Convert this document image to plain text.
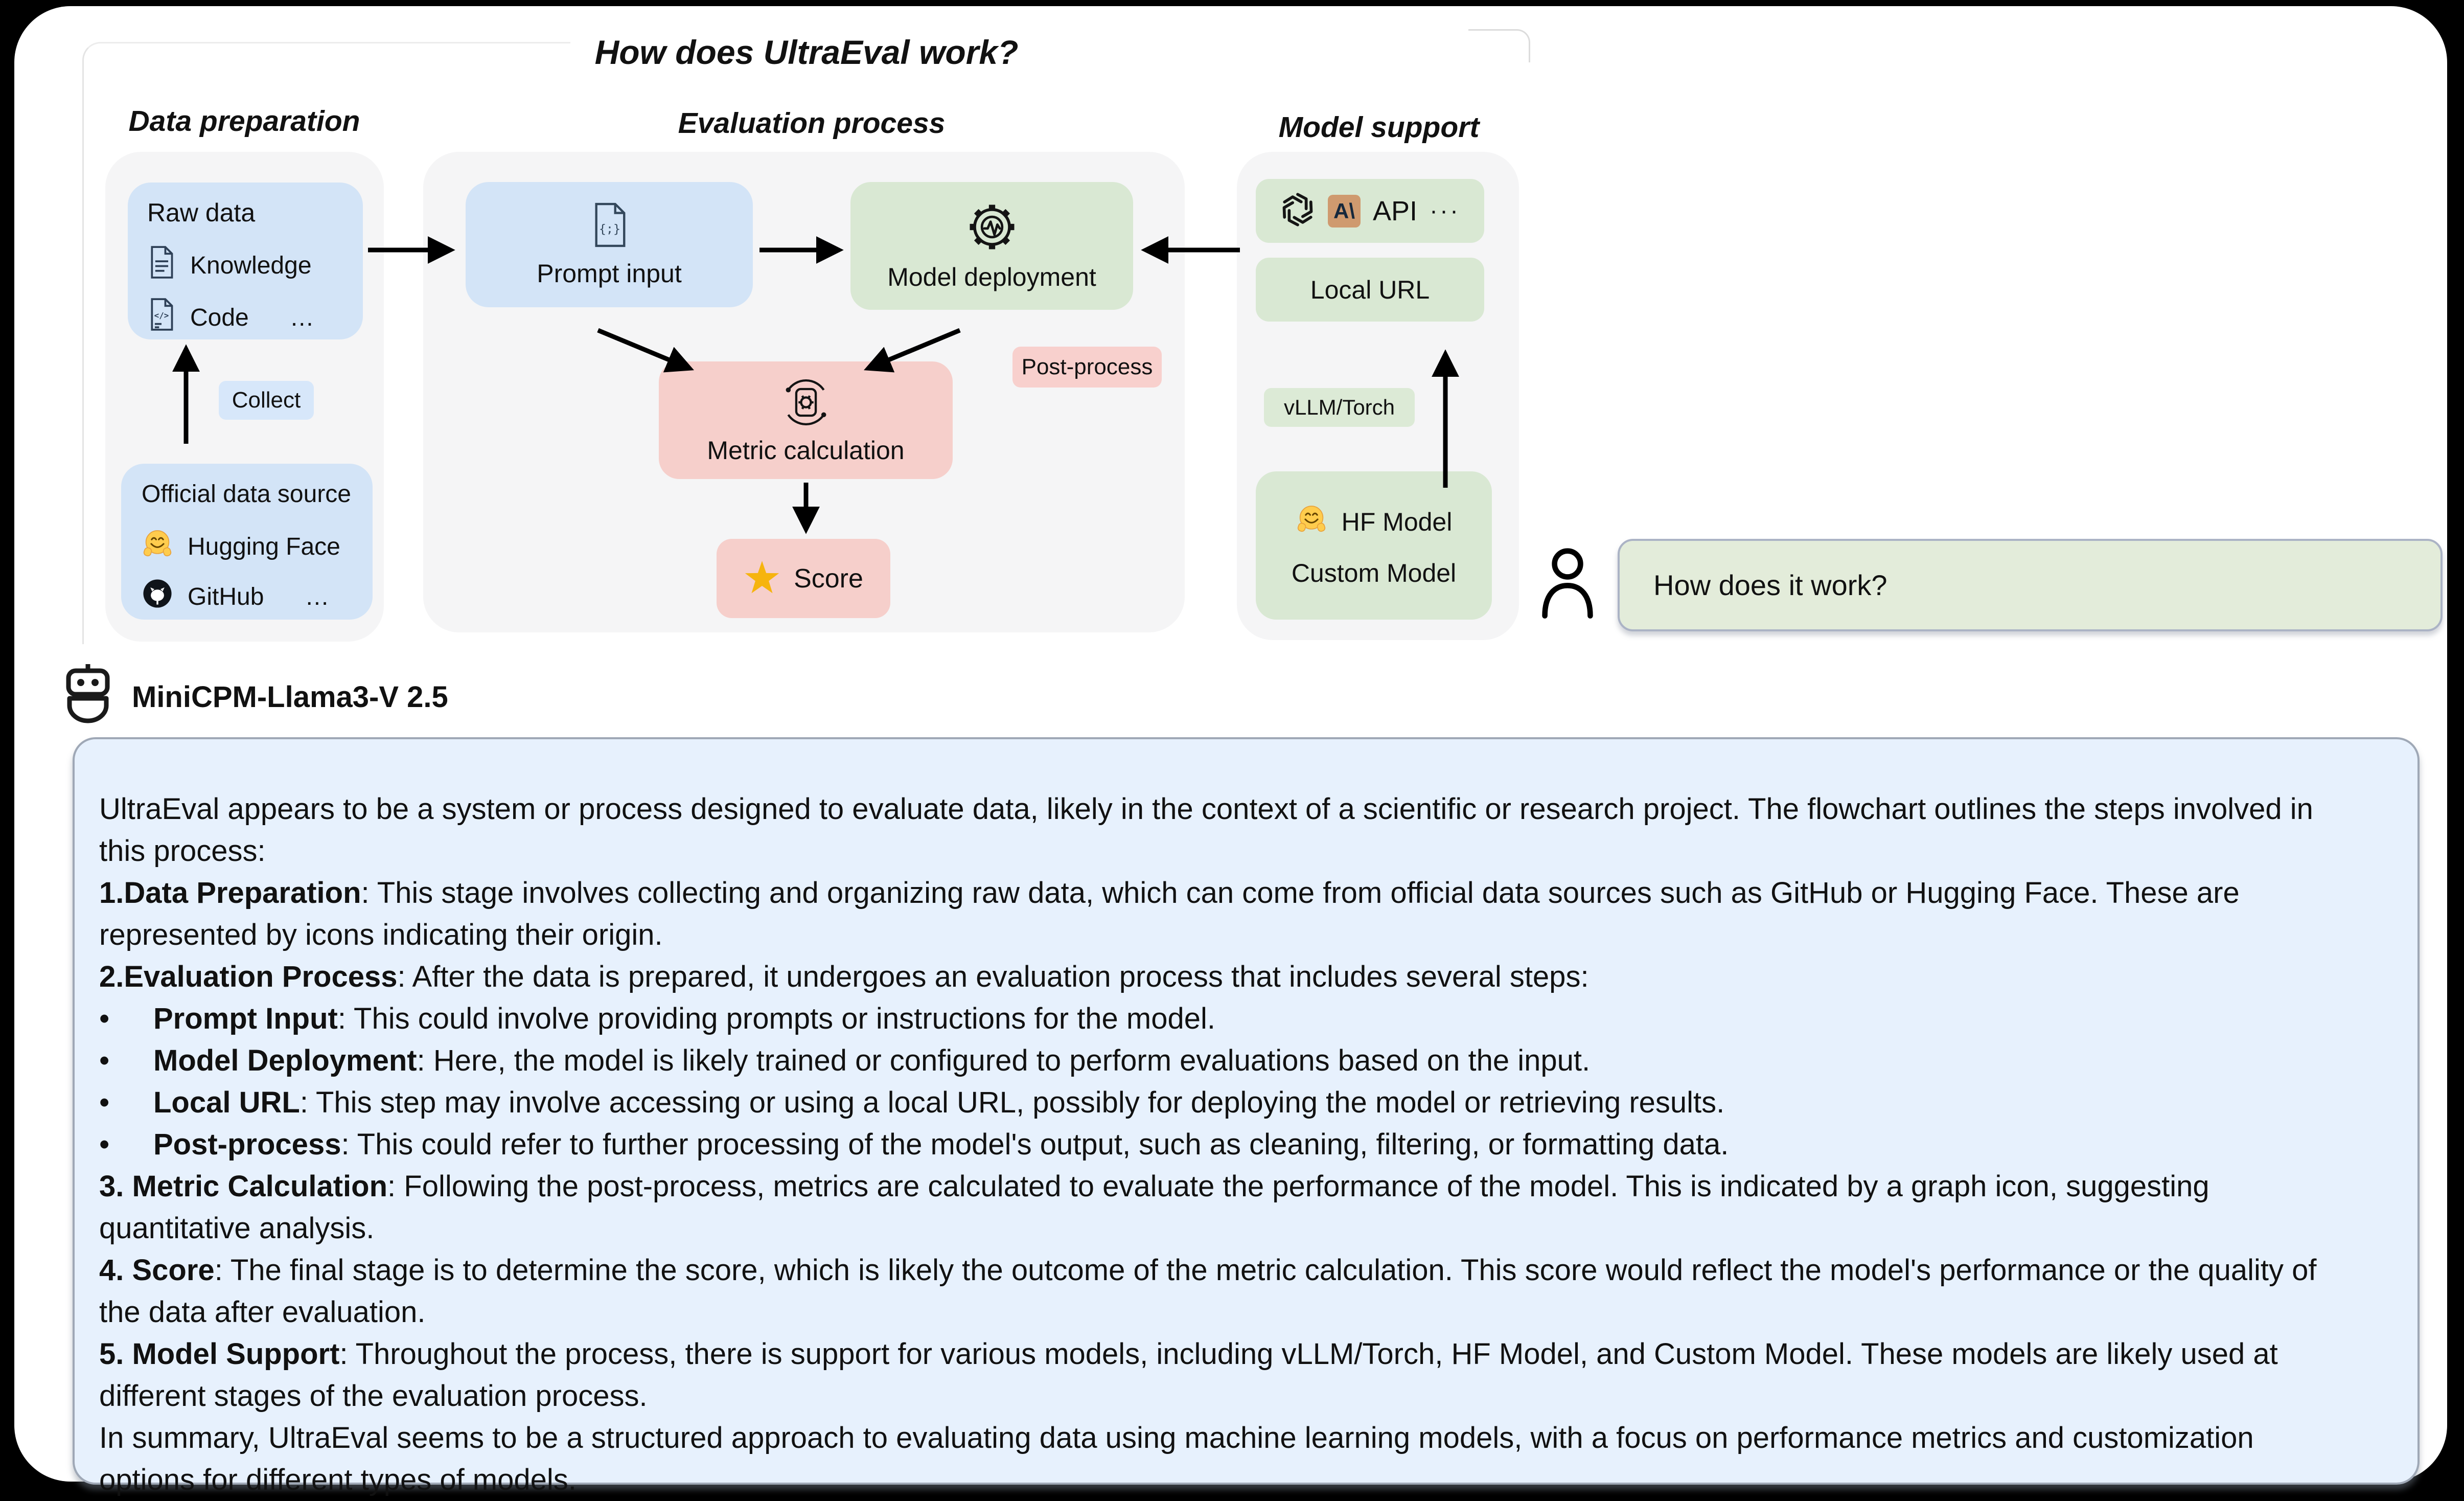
How does UltraEval work?
Data preparation	Evaluation process	Model support
Raw data
Knowledge
</> Code …
Collect
Official data source
Hugging Face
GitHub …
{;}
Prompt input	Model deployment
Post-process
Metric calculation
Score
A\ API ···
Local URL
vLLM/Torch
HF Model
Custom Model	How does it work?
MiniCPM-Llama3-V 2.5
UltraEval appears to be a system or process designed to evaluate data, likely in the context of a scientific or research project. The flowchart outlines the steps involved in this process:
1.Data Preparation: This stage involves collecting and organizing raw data, which can come from official data sources such as GitHub or Hugging Face. These are represented by icons indicating their origin.
2.Evaluation Process: After the data is prepared, it undergoes an evaluation process that includes several steps:
• Prompt Input: This could involve providing prompts or instructions for the model.
• Model Deployment: Here, the model is likely trained or configured to perform evaluations based on the input.
• Local URL: This step may involve accessing or using a local URL, possibly for deploying the model or retrieving results.
• Post-process: This could refer to further processing of the model's output, such as cleaning, filtering, or formatting data.
3. Metric Calculation: Following the post-process, metrics are calculated to evaluate the performance of the model. This is indicated by a graph icon, suggesting quantitative analysis.
4. Score: The final stage is to determine the score, which is likely the outcome of the metric calculation. This score would reflect the model's performance or the quality of the data after evaluation.
5. Model Support: Throughout the process, there is support for various models, including vLLM/Torch, HF Model, and Custom Model. These models are likely used at different stages of the evaluation process.
In summary, UltraEval seems to be a structured approach to evaluating data using machine learning models, with a focus on performance metrics and customization options for different types of models.
